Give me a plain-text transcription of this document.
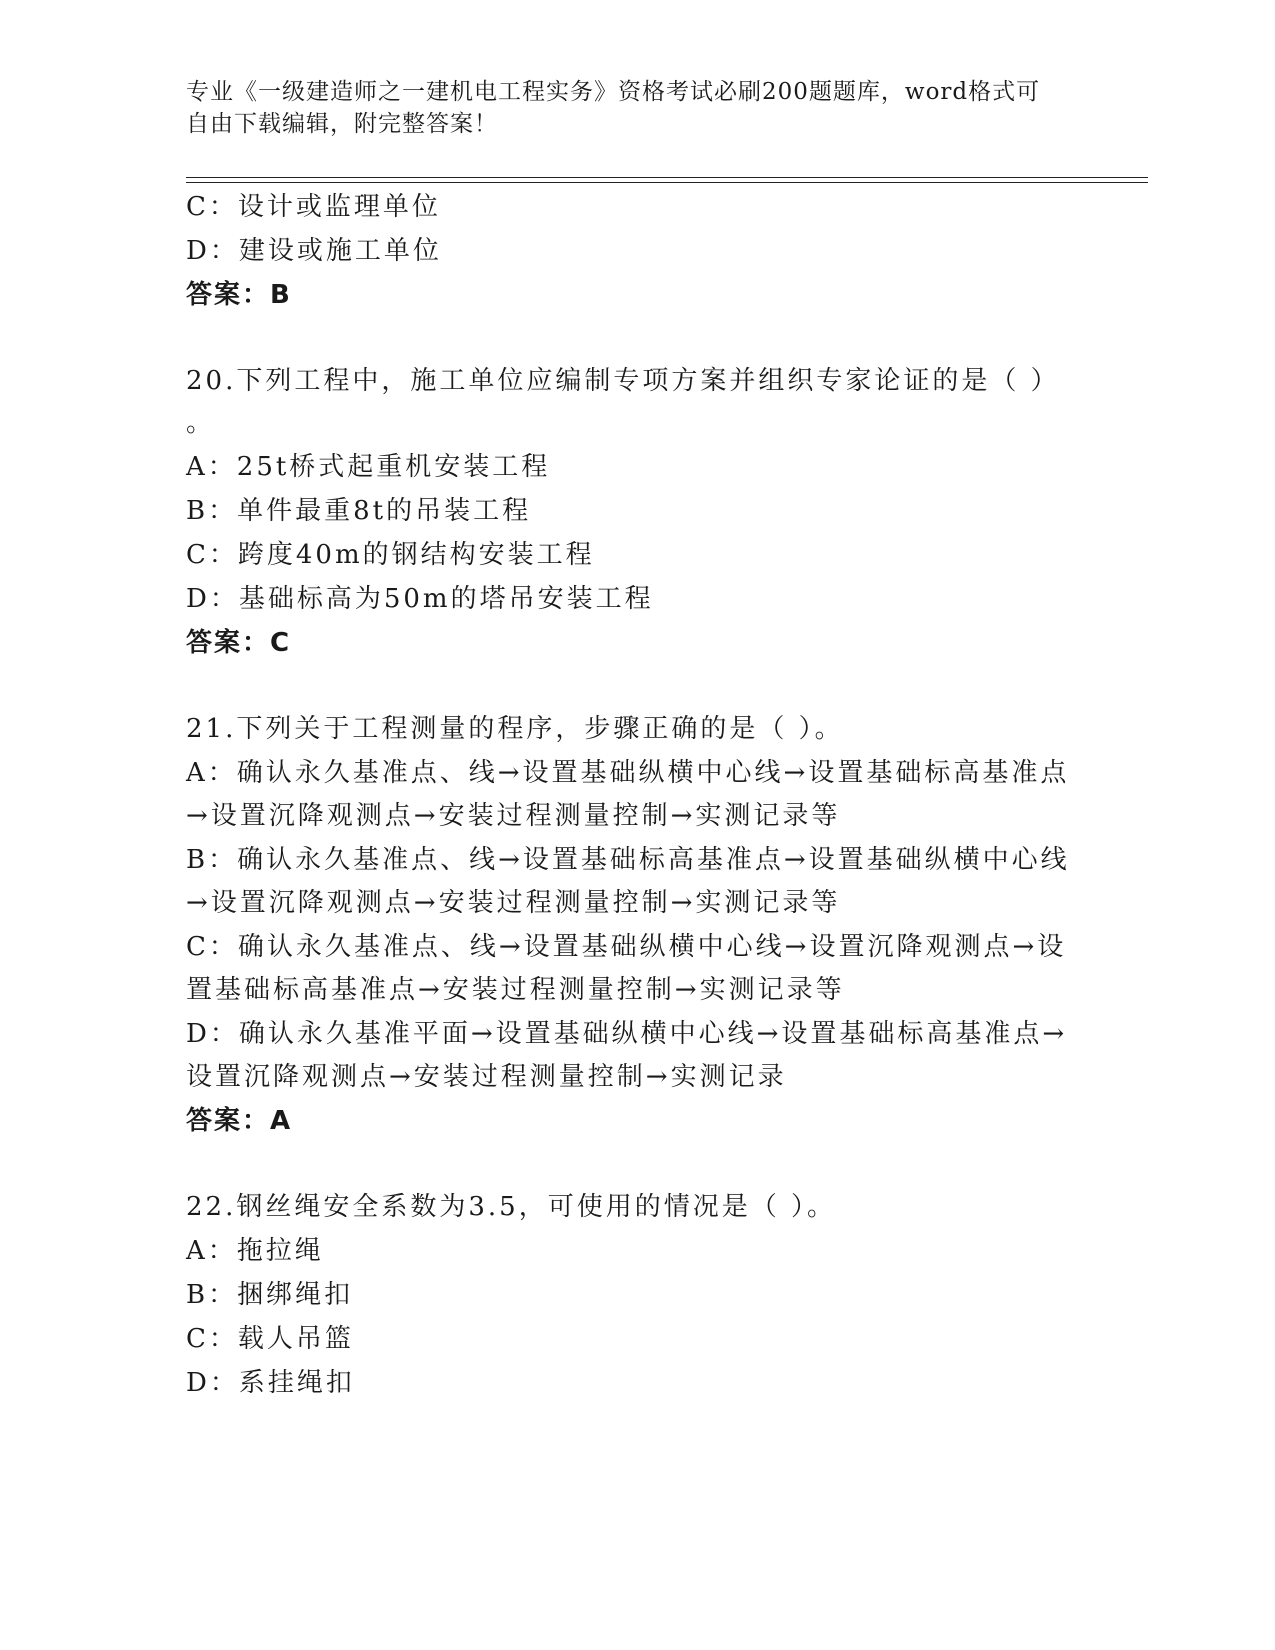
专业《一级建造师之一建机电工程实务》资格考试必刷200题题库，word格式可
自由下载编辑，附完整答案！
C：设计或监理单位
D：建设或施工单位
答案：B
20.下列工程中，施工单位应编制专项方案并组织专家论证的是（ ）
。
A：25t桥式起重机安装工程
B：单件最重8t的吊装工程
C：跨度40m的钢结构安装工程
D：基础标高为50m的塔吊安装工程
答案：C
21.下列关于工程测量的程序，步骤正确的是（ ）。
A：确认永久基准点、线→设置基础纵横中心线→设置基础标高基准点
→设置沉降观测点→安装过程测量控制→实测记录等
B：确认永久基准点、线→设置基础标高基准点→设置基础纵横中心线
→设置沉降观测点→安装过程测量控制→实测记录等
C：确认永久基准点、线→设置基础纵横中心线→设置沉降观测点→设
置基础标高基准点→安装过程测量控制→实测记录等
D：确认永久基准平面→设置基础纵横中心线→设置基础标高基准点→
设置沉降观测点→安装过程测量控制→实测记录
答案：A
22.钢丝绳安全系数为3.5，可使用的情况是（ ）。
A：拖拉绳
B：捆绑绳扣
C：载人吊篮
D：系挂绳扣
